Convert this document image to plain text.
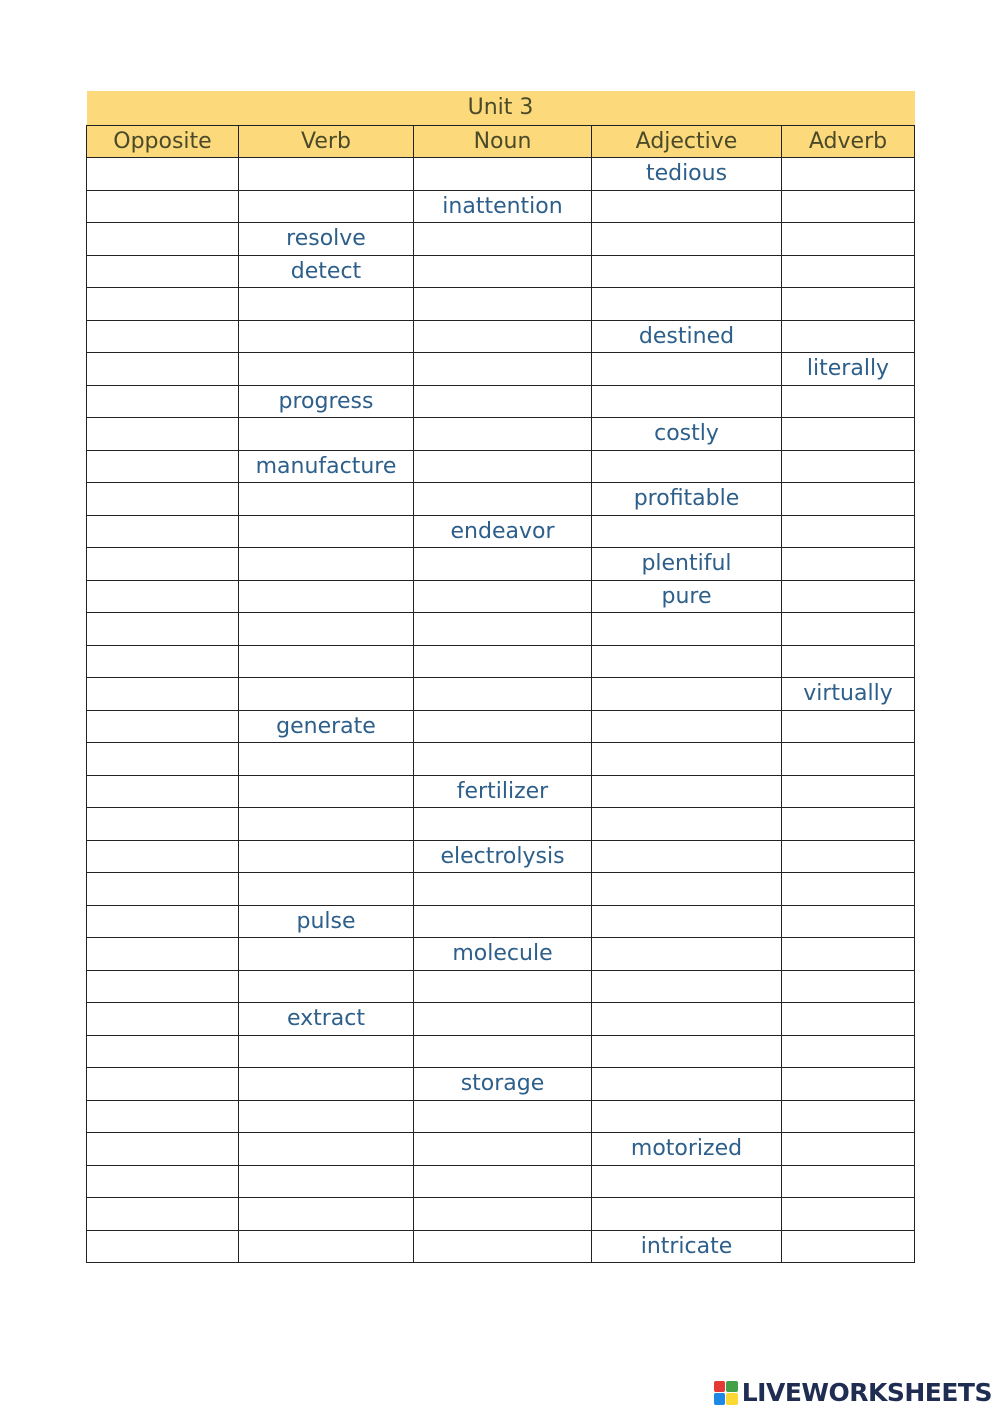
Unit 3				
Opposite	Verb	Noun	Adjective	Adverb
			tedious	
		inattention		
	resolve			
	detect			

			destined	
				literally
	progress			
			costly	
	manufacture			
			profitable	
		endeavor		
			plentiful	
			pure	

				virtually
	generate			

		fertilizer		

		electrolysis		

	pulse			
		molecule		

	extract			

		storage		

			motorized	

			intricate	
LIVEWORKSHEETS
